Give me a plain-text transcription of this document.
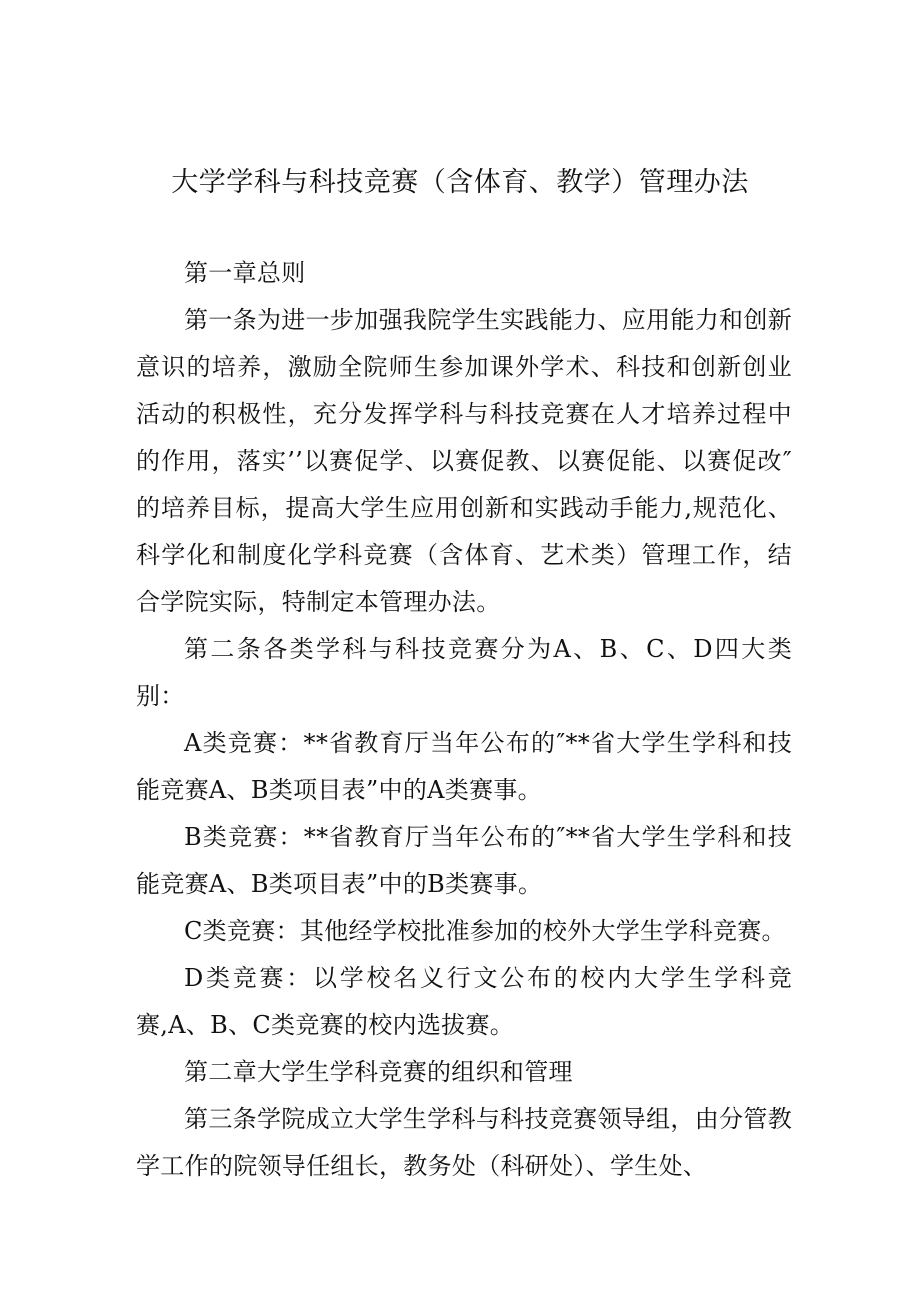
大学学科与科技竞赛（含体育、教学）管理办法

第一章总则

第一条为进一步加强我院学生实践能力、应用能力和创新意识的培养，激励全院师生参加课外学术、科技和创新创业活动的积极性，充分发挥学科与科技竞赛在人才培养过程中的作用，落实’’以赛促学、以赛促教、以赛促能、以赛促改″的培养目标，提高大学生应用创新和实践动手能力,规范化、科学化和制度化学科竞赛（含体育、艺术类）管理工作，结合学院实际，特制定本管理办法。

第二条各类学科与科技竞赛分为A、B、C、D四大类别：

A类竞赛：**省教育厅当年公布的″**省大学生学科和技能竞赛A、B类项目表”中的A类赛事。

B类竞赛：**省教育厅当年公布的″**省大学生学科和技能竞赛A、B类项目表”中的B类赛事。

C类竞赛：其他经学校批准参加的校外大学生学科竞赛。

D类竞赛：以学校名义行文公布的校内大学生学科竞赛,A、B、C类竞赛的校内选拔赛。

第二章大学生学科竞赛的组织和管理

第三条学院成立大学生学科与科技竞赛领导组，由分管教学工作的院领导任组长，教务处（科研处）、学生处、
